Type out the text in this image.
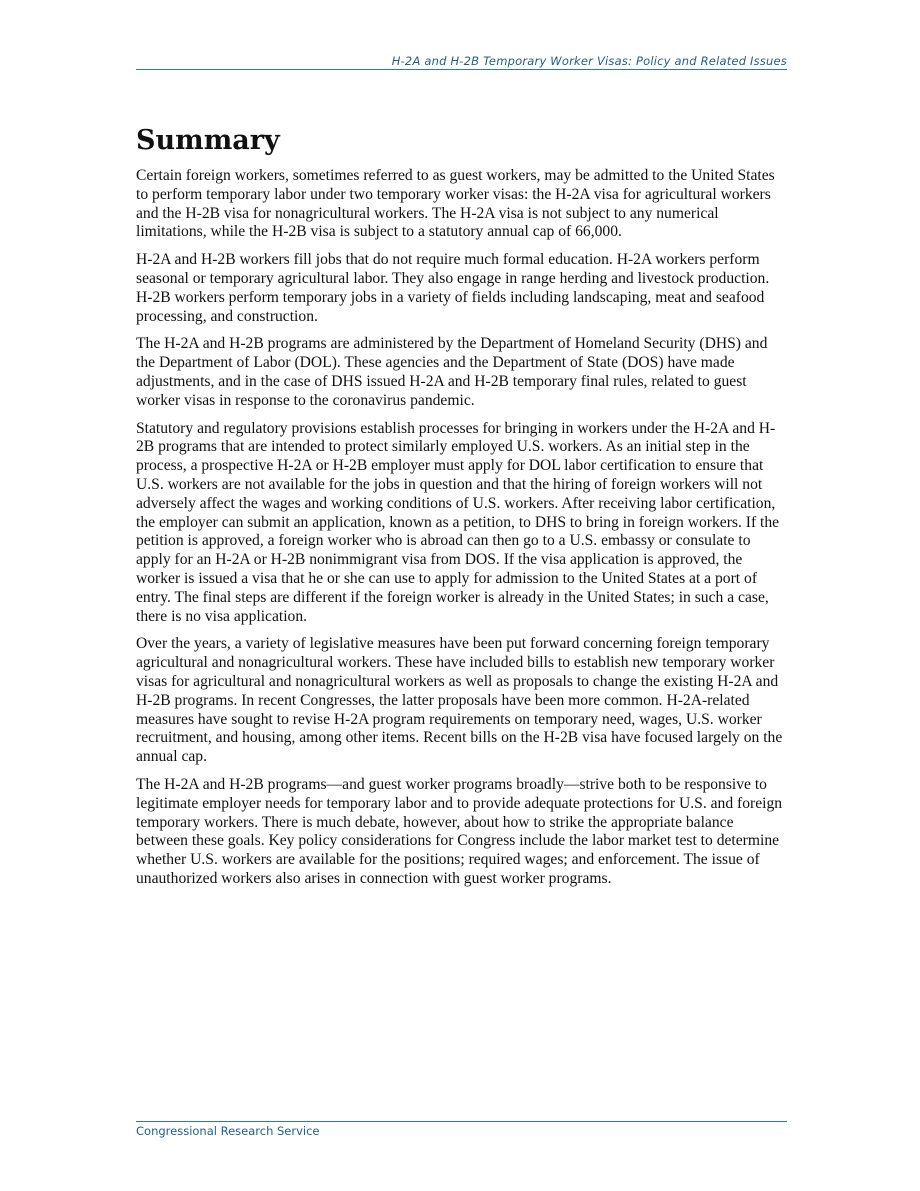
H-2A and H-2B Temporary Worker Visas: Policy and Related Issues
Summary

Certain foreign workers, sometimes referred to as guest workers, may be admitted to the United States to perform temporary labor under two temporary worker visas: the H-2A visa for agricultural workers and the H-2B visa for nonagricultural workers. The H-2A visa is not subject to any numerical limitations, while the H-2B visa is subject to a statutory annual cap of 66,000.

H-2A and H-2B workers fill jobs that do not require much formal education. H-2A workers perform seasonal or temporary agricultural labor. They also engage in range herding and livestock production. H-2B workers perform temporary jobs in a variety of fields including landscaping, meat and seafood processing, and construction.

The H-2A and H-2B programs are administered by the Department of Homeland Security (DHS) and the Department of Labor (DOL). These agencies and the Department of State (DOS) have made adjustments, and in the case of DHS issued H-2A and H-2B temporary final rules, related to guest worker visas in response to the coronavirus pandemic.

Statutory and regulatory provisions establish processes for bringing in workers under the H-2A and H-2B programs that are intended to protect similarly employed U.S. workers. As an initial step in the process, a prospective H-2A or H-2B employer must apply for DOL labor certification to ensure that U.S. workers are not available for the jobs in question and that the hiring of foreign workers will not adversely affect the wages and working conditions of U.S. workers. After receiving labor certification, the employer can submit an application, known as a petition, to DHS to bring in foreign workers. If the petition is approved, a foreign worker who is abroad can then go to a U.S. embassy or consulate to apply for an H-2A or H-2B nonimmigrant visa from DOS. If the visa application is approved, the worker is issued a visa that he or she can use to apply for admission to the United States at a port of entry. The final steps are different if the foreign worker is already in the United States; in such a case, there is no visa application.

Over the years, a variety of legislative measures have been put forward concerning foreign temporary agricultural and nonagricultural workers. These have included bills to establish new temporary worker visas for agricultural and nonagricultural workers as well as proposals to change the existing H-2A and H-2B programs. In recent Congresses, the latter proposals have been more common. H-2A-related measures have sought to revise H-2A program requirements on temporary need, wages, U.S. worker recruitment, and housing, among other items. Recent bills on the H-2B visa have focused largely on the annual cap.

The H-2A and H-2B programs—and guest worker programs broadly—strive both to be responsive to legitimate employer needs for temporary labor and to provide adequate protections for U.S. and foreign temporary workers. There is much debate, however, about how to strike the appropriate balance between these goals. Key policy considerations for Congress include the labor market test to determine whether U.S. workers are available for the positions; required wages; and enforcement. The issue of unauthorized workers also arises in connection with guest worker programs.

Congressional Research Service
